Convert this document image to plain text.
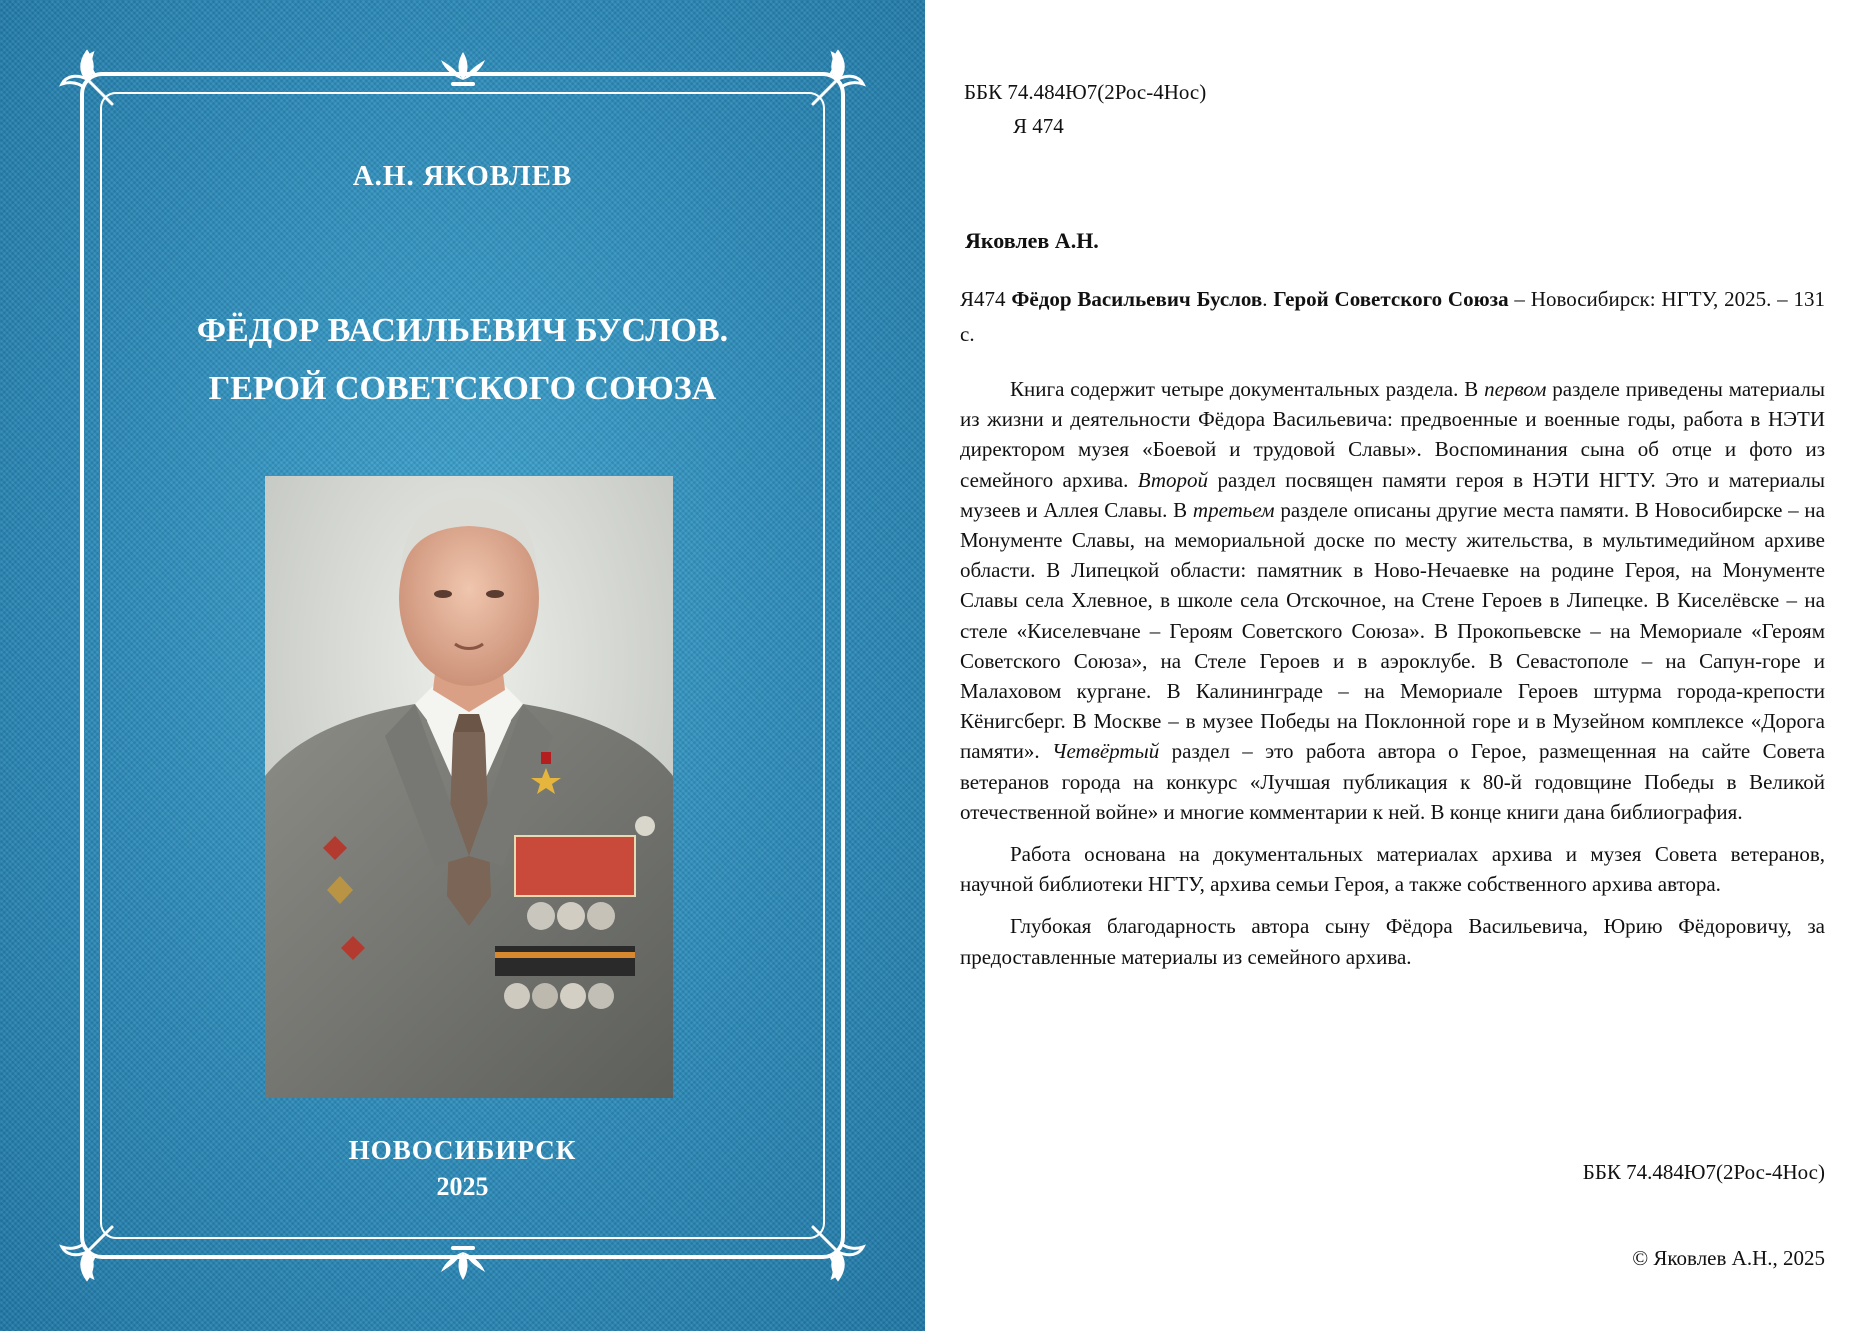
А.Н. ЯКОВЛЕВ
ФЁДОР ВАСИЛЬЕВИЧ БУСЛОВ.
ГЕРОЙ СОВЕТСКОГО СОЮЗА
НОВОСИБИРСК
2025
ББК 74.484Ю7(2Рос-4Нос)
Я 474
Яковлев А.Н.
Я474 Фёдор Васильевич Буслов. Герой Советского Союза – Новосибирск: НГТУ, 2025. – 131 с.

Книга содержит четыре документальных раздела. В первом разделе приведены материалы из жизни и деятельности Фёдора Васильевича: предвоенные и военные годы, работа в НЭТИ директором музея «Боевой и трудовой Славы». Воспоминания сына об отце и фото из семейного архива. Второй раздел посвящен памяти героя в НЭТИ НГТУ. Это и материалы музеев и Аллея Славы. В третьем разделе описаны другие места памяти. В Новосибирске – на Монументе Славы, на мемориальной доске по месту жительства, в мультимедийном архиве области. В Липецкой области: памятник в Ново-Нечаевке на родине Героя, на Монументе Славы села Хлевное, в школе села Отскочное, на Стене Героев в Липецке. В Киселёвске – на стеле «Киселевчане – Героям Советского Союза». В Прокопьевске – на Мемориале «Героям Советского Союза», на Стеле Героев и в аэроклубе. В Севастополе – на Сапун-горе и Малаховом кургане. В Калининграде – на Мемориале Героев штурма города-крепости Кёнигсберг. В Москве – в музее Победы на Поклонной горе и в Музейном комплексе «Дорога памяти». Четвёртый раздел – это работа автора о Герое, размещенная на сайте Совета ветеранов города на конкурс «Лучшая публикация к 80-й годовщине Победы в Великой отечественной войне» и многие комментарии к ней. В конце книги дана библиография.

Работа основана на документальных материалах архива и музея Совета ветеранов, научной библиотеки НГТУ, архива семьи Героя, а также собственного архива автора.

Глубокая благодарность автора сыну Фёдора Васильевича, Юрию Фёдоровичу, за предоставленные материалы из семейного архива.

ББК 74.484Ю7(2Рос-4Нос)
© Яковлев А.Н., 2025
